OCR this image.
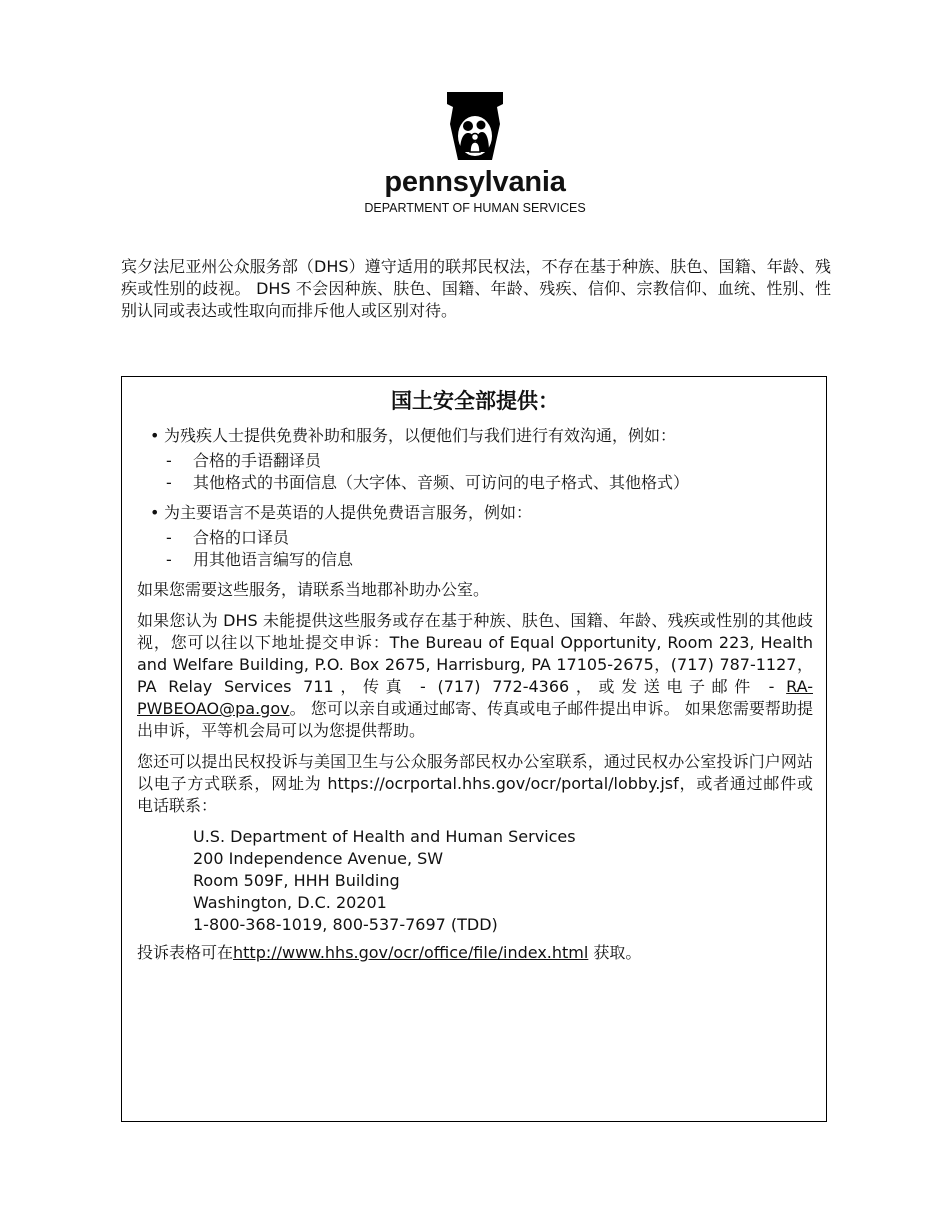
pennsylvania
DEPARTMENT OF HUMAN SERVICES

宾夕法尼亚州公众服务部（DHS）遵守适用的联邦民权法，不存在基于种族、肤色、国籍、年龄、残疾或性别的歧视。 DHS 不会因种族、肤色、国籍、年龄、残疾、信仰、宗教信仰、血统、性别、性别认同或表达或性取向而排斥他人或区别对待。

国土安全部提供：
• 为残疾人士提供免费补助和服务，以便他们与我们进行有效沟通，例如：
- 合格的手语翻译员
- 其他格式的书面信息（大字体、音频、可访问的电子格式、其他格式）
• 为主要语言不是英语的人提供免费语言服务，例如：
- 合格的口译员
- 用其他语言编写的信息

如果您需要这些服务，请联系当地郡补助办公室。

如果您认为 DHS 未能提供这些服务或存在基于种族、肤色、国籍、年龄、残疾或性别的其他歧视，您可以往以下地址提交申诉：The Bureau of Equal Opportunity, Room 223, Health and Welfare Building, P.O. Box 2675, Harrisburg, PA 17105-2675，(717) 787-1127，PA Relay Services 711，传真 - (717) 772-4366，或发送电子邮件 - RA-PWBEOAO@pa.gov。 您可以亲自或通过邮寄、传真或电子邮件提出申诉。 如果您需要帮助提出申诉，平等机会局可以为您提供帮助。

您还可以提出民权投诉与美国卫生与公众服务部民权办公室联系，通过民权办公室投诉门户网站以电子方式联系，网址为 https://ocrportal.hhs.gov/ocr/portal/lobby.jsf，或者通过邮件或电话联系：

U.S. Department of Health and Human Services
200 Independence Avenue, SW
Room 509F, HHH Building
Washington, D.C. 20201
1-800-368-1019, 800-537-7697 (TDD)

投诉表格可在http://www.hhs.gov/ocr/office/file/index.html 获取。
